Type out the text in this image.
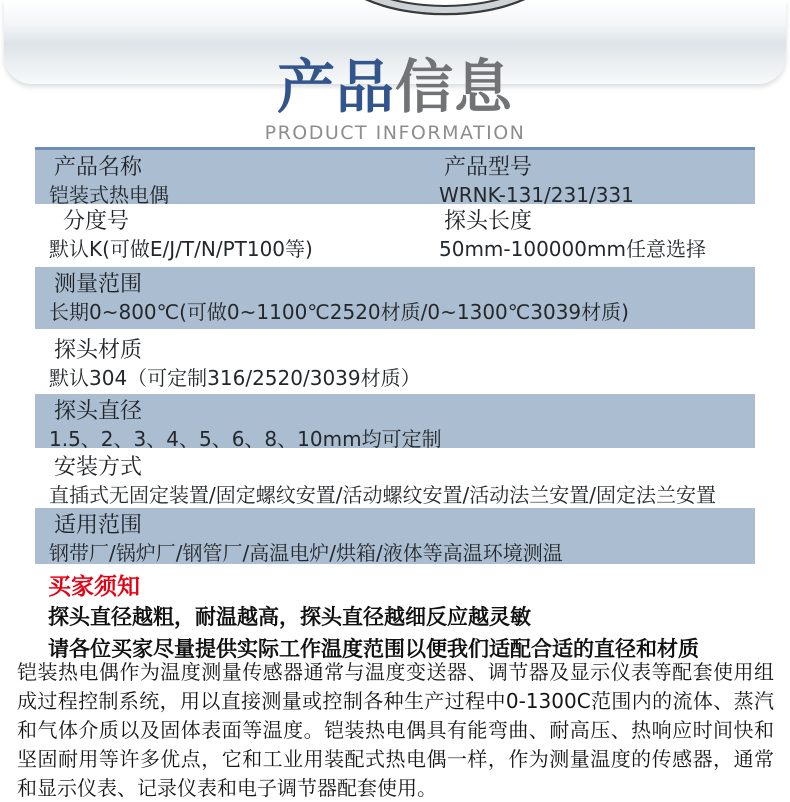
产品信息
PRODUCT INFORMATION
产品名称
铠装式热电偶
产品型号
WRNK-131/231/331
分度号
默认K(可做E/J/T/N/PT100等)
探头长度
50mm-100000mm任意选择
测量范围
长期0~800℃(可做0~1100℃2520材质/0~1300℃3039材质)
探头材质
默认304（可定制316/2520/3039材质）
探头直径
1.5、2、3、4、5、6、8、10mm均可定制
安装方式
直插式无固定装置/固定螺纹安置/活动螺纹安置/活动法兰安置/固定法兰安置
适用范围
钢带厂/锅炉厂/钢管厂/高温电炉/烘箱/液体等高温环境测温
买家须知
探头直径越粗，耐温越高，探头直径越细反应越灵敏
请各位买家尽量提供实际工作温度范围以便我们适配合适的直径和材质
铠装热电偶作为温度测量传感器通常与温度变送器、调节器及显示仪表等配套使用组成过程控制系统，用以直接测量或控制各种生产过程中0-1300C范围内的流体、蒸汽和气体介质以及固体表面等温度。铠装热电偶具有能弯曲、耐高压、热响应时间快和坚固耐用等许多优点，它和工业用装配式热电偶一样，作为测量温度的传感器，通常和显示仪表、记录仪表和电子调节器配套使用。
